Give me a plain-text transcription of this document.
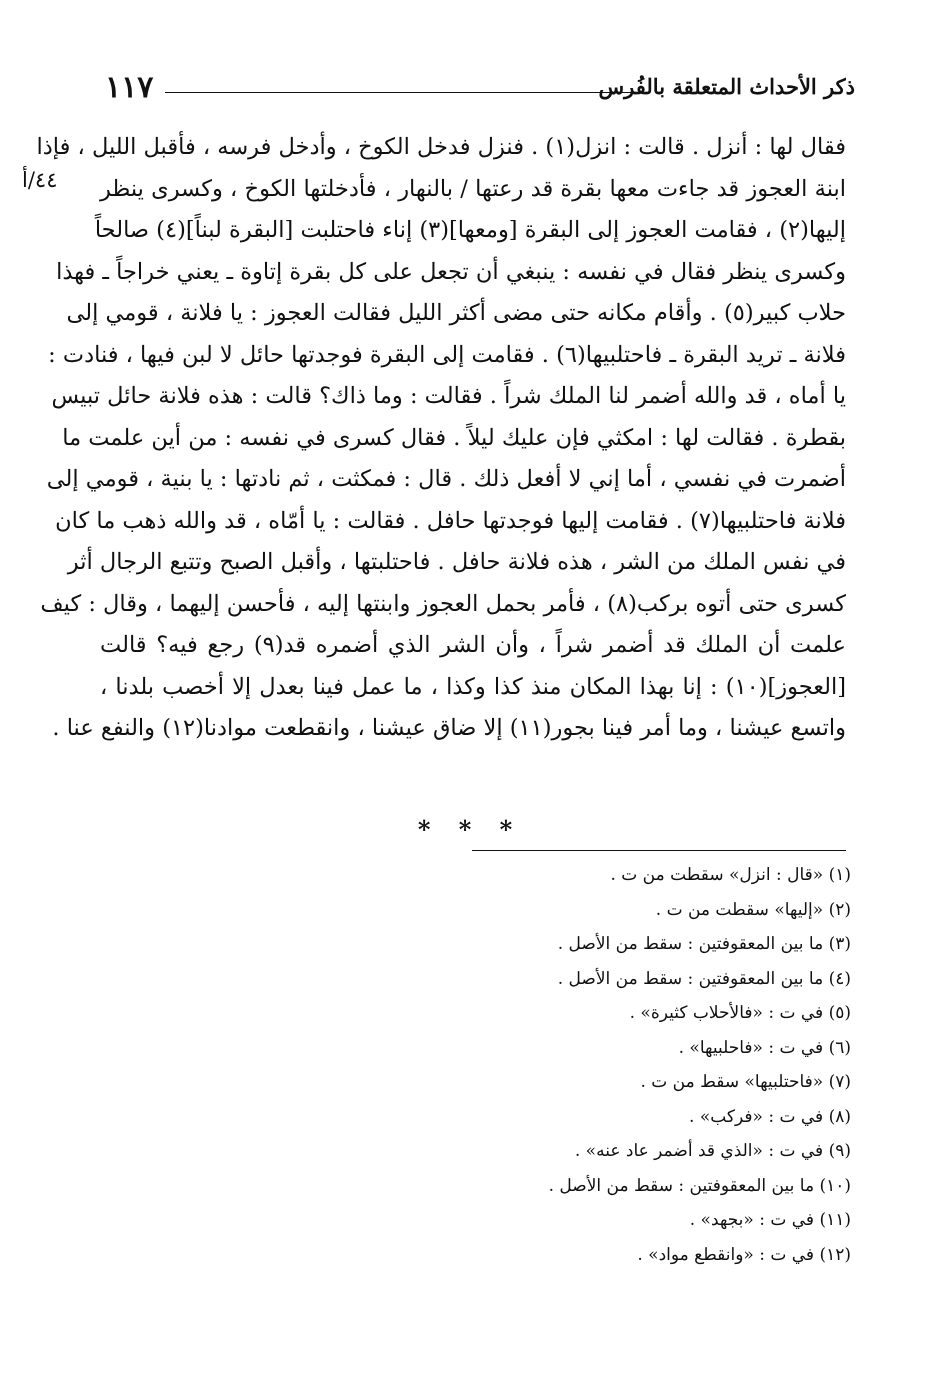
ذكر الأحداث المتعلقة بالفُرس
١١٧
٤٤/أ
فقال لها : أنزل . قالت : انزل(١) . فنزل فدخل الكوخ ، وأدخل فرسه ، فأقبل الليل ، فإذا
ابنة العجوز قد جاءت معها بقرة قد رعتها / بالنهار ، فأدخلتها الكوخ ، وكسرى ينظر
إليها(٢) ، فقامت العجوز إلى البقرة [ومعها](٣) إناء فاحتلبت [البقرة لبناً](٤) صالحاً
وكسرى ينظر فقال في نفسه : ينبغي أن تجعل على كل بقرة إتاوة ـ يعني خراجاً ـ فهذا
حلاب كبير(٥) . وأقام مكانه حتى مضى أكثر الليل فقالت العجوز : يا فلانة ، قومي إلى
فلانة ـ تريد البقرة ـ فاحتلبيها(٦) . فقامت إلى البقرة فوجدتها حائل لا لبن فيها ، فنادت :
يا أماه ، قد والله أضمر لنا الملك شراً . فقالت : وما ذاك؟ قالت : هذه فلانة حائل تبيس
بقطرة . فقالت لها : امكثي فإن عليك ليلاً . فقال كسرى في نفسه : من أين علمت ما
أضمرت في نفسي ، أما إني لا أفعل ذلك . قال : فمكثت ، ثم نادتها : يا بنية ، قومي إلى
فلانة فاحتلبيها(٧) . فقامت إليها فوجدتها حافل . فقالت : يا أمّاه ، قد والله ذهب ما كان
في نفس الملك من الشر ، هذه فلانة حافل . فاحتلبتها ، وأقبل الصبح وتتبع الرجال أثر
كسرى حتى أتوه بركب(٨) ، فأمر بحمل العجوز وابنتها إليه ، فأحسن إليهما ، وقال : كيف
علمت أن الملك قد أضمر شراً ، وأن الشر الذي أضمره قد(٩) رجع فيه؟ قالت
[العجوز](١٠) : إنا بهذا المكان منذ كذا وكذا ، ما عمل فينا بعدل إلا أخصب بلدنا ،
واتسع عيشنا ، وما أمر فينا بجور(١١) إلا ضاق عيشنا ، وانقطعت موادنا(١٢) والنفع عنا .
* * *
(١) «قال : انزل» سقطت من ت .
(٢) «إليها» سقطت من ت .
(٣) ما بين المعقوفتين : سقط من الأصل .
(٤) ما بين المعقوفتين : سقط من الأصل .
(٥) في ت : «فالأحلاب كثيرة» .
(٦) في ت : «فاحلبيها» .
(٧) «فاحتلبيها» سقط من ت .
(٨) في ت : «فركب» .
(٩) في ت : «الذي قد أضمر عاد عنه» .
(١٠) ما بين المعقوفتين : سقط من الأصل .
(١١) في ت : «بجهد» .
(١٢) في ت : «وانقطع مواد» .
